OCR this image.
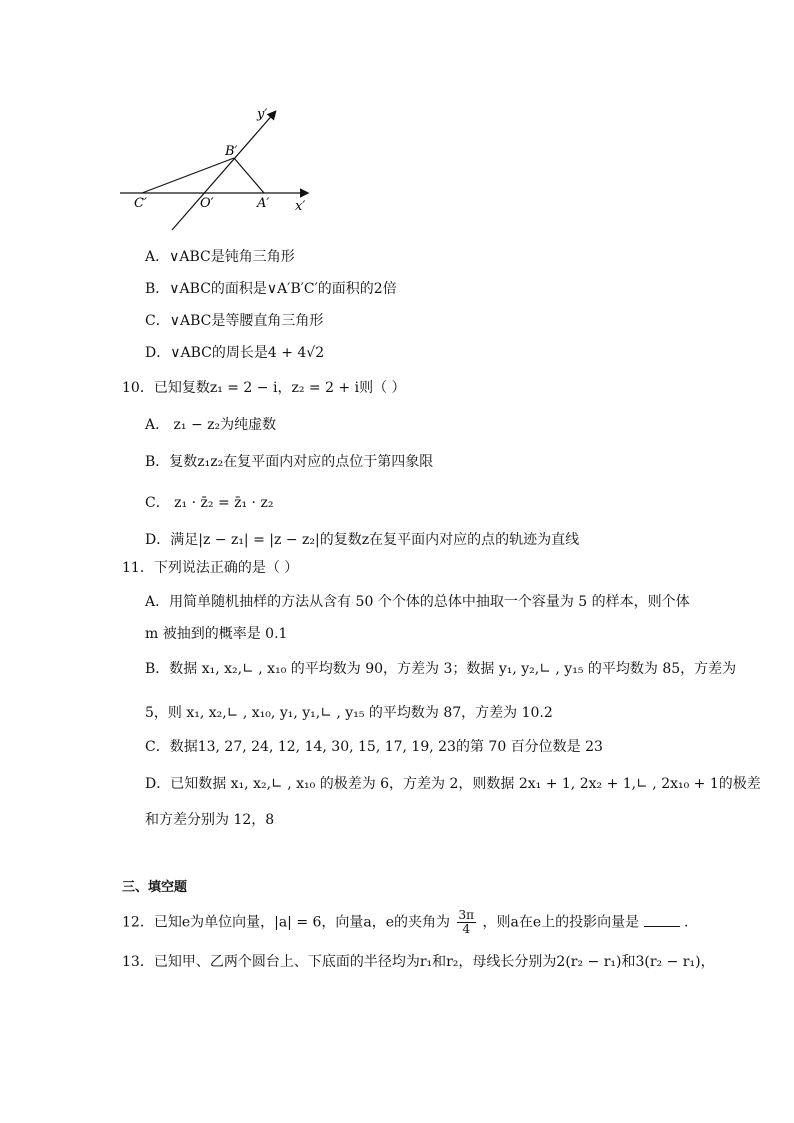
y′
B′
C′	O′	A′ x′
A．∨ABC是钝角三角形
B．∨ABC的面积是∨A′B′C′的面积的2倍
C．∨ABC是等腰直角三角形
D．∨ABC的周长是4 + 4√2
10．已知复数z₁ = 2 − i，z₂ = 2 + i则（ ）
A． z₁ − z₂为纯虚数
B．复数z₁z₂在复平面内对应的点位于第四象限
C． z₁ · z̄₂ = z̄₁ · z₂
D．满足|z − z₁| = |z − z₂|的复数z在复平面内对应的点的轨迹为直线
11．下列说法正确的是（ ）
A．用简单随机抽样的方法从含有 50 个个体的总体中抽取一个容量为 5 的样本，则个体
m 被抽到的概率是 0.1
B．数据 x₁, x₂,∟ , x₁₀ 的平均数为 90，方差为 3；数据 y₁, y₂,∟ , y₁₅ 的平均数为 85，方差为
5，则 x₁, x₂,∟ , x₁₀, y₁, y₁,∟ , y₁₅ 的平均数为 87，方差为 10.2
C．数据13, 27, 24, 12, 14, 30, 15, 17, 19, 23的第 70 百分位数是 23
D．已知数据 x₁, x₂,∟ , x₁₀ 的极差为 6，方差为 2，则数据 2x₁ + 1, 2x₂ + 1,∟ , 2x₁₀ + 1的极差
和方差分别为 12，8
三、填空题
12．已知e为单位向量，|a| = 6，向量a，e的夹角为 $\frac{3\pi}{4}$ ，则a在e上的投影向量是	.
13．已知甲、乙两个圆台上、下底面的半径均为r₁和r₂，母线长分别为2(r₂ − r₁)和3(r₂ − r₁)，
